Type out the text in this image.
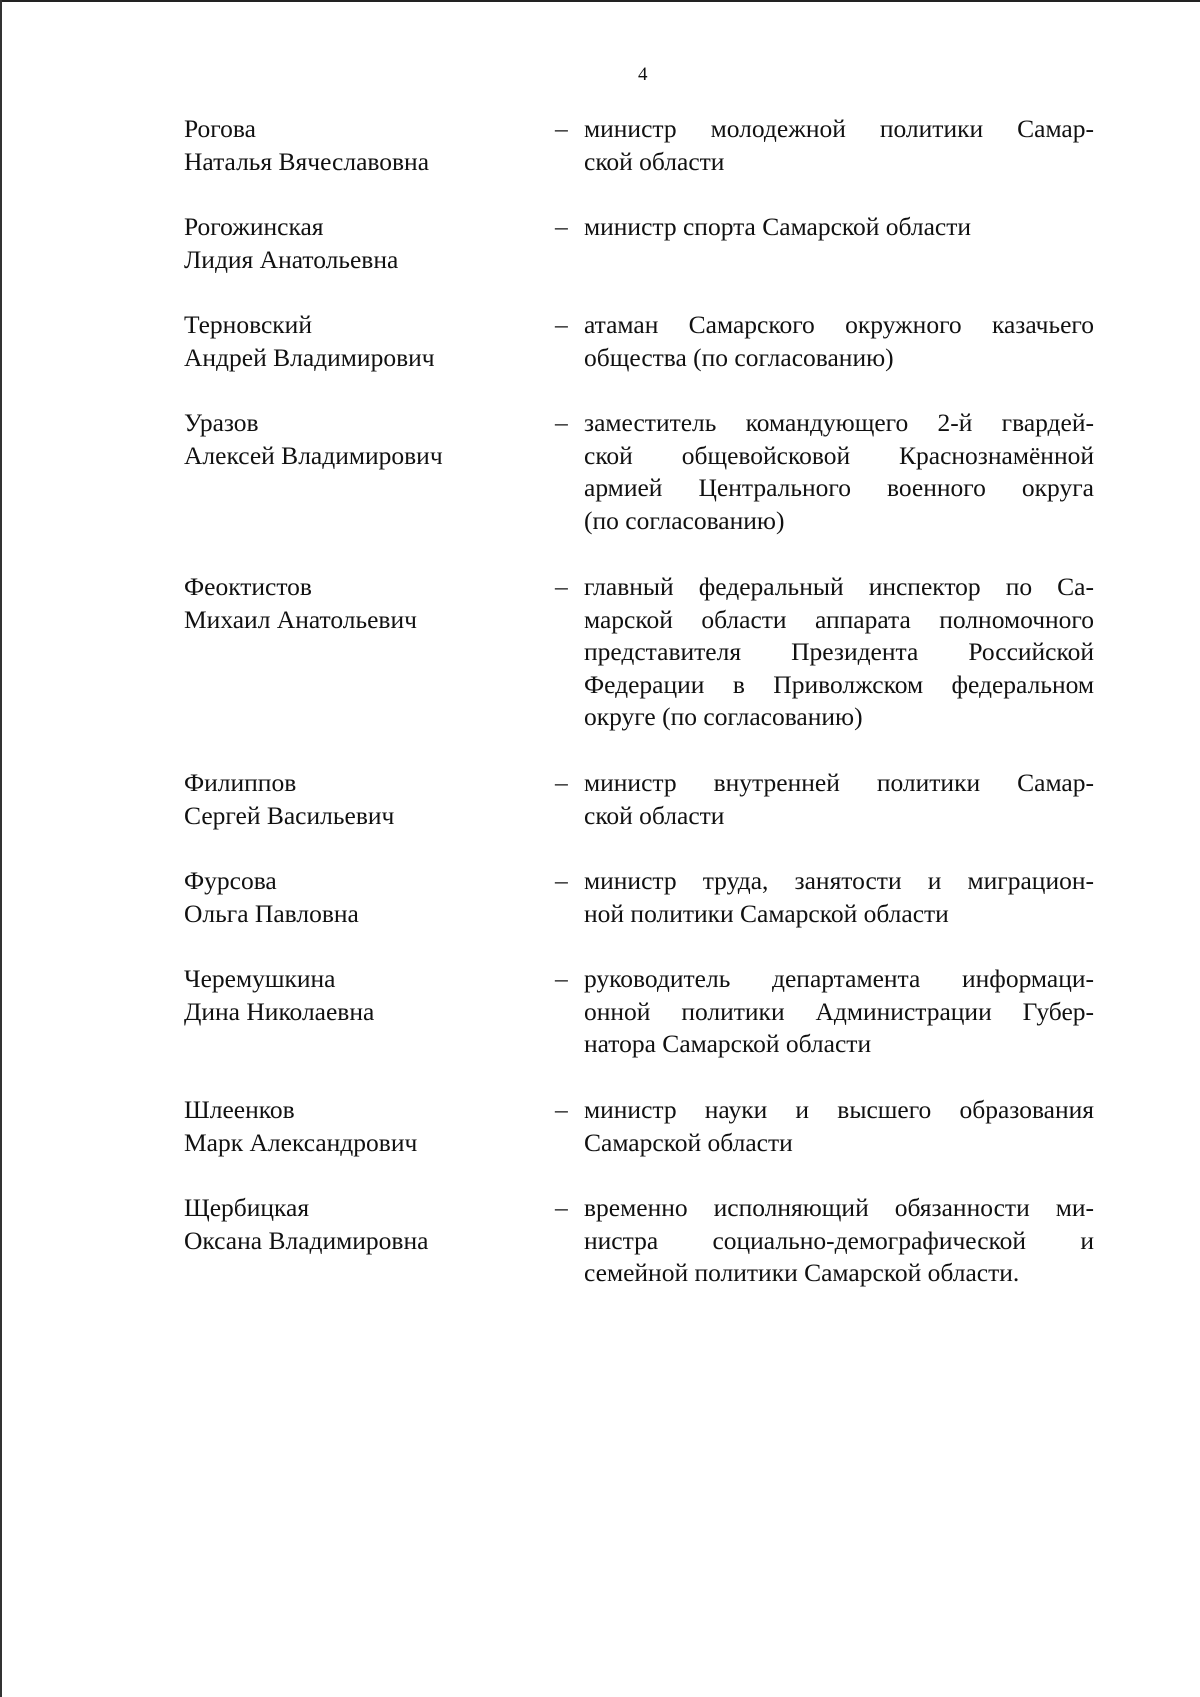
4
Рогова
Наталья Вячеславовна
– министр молодежной политики Самар-
ской области
Рогожинская
Лидия Анатольевна
– министр спорта Самарской области
Терновский
Андрей Владимирович
– атаман Самарского окружного казачьего
общества (по согласованию)
Уразов
Алексей Владимирович
– заместитель командующего 2-й гвардей-
ской общевойсковой Краснознамённой
армией Центрального военного округа
(по согласованию)
Феоктистов
Михаил Анатольевич
– главный федеральный инспектор по Са-
марской области аппарата полномочного
представителя Президента Российской
Федерации в Приволжском федеральном
округе (по согласованию)
Филиппов
Сергей Васильевич
– министр внутренней политики Самар-
ской области
Фурсова
Ольга Павловна
– министр труда, занятости и миграцион-
ной политики Самарской области
Черемушкина
Дина Николаевна
– руководитель департамента информаци-
онной политики Администрации Губер-
натора Самарской области
Шлеенков
Марк Александрович
– министр науки и высшего образования
Самарской области
Щербицкая
Оксана Владимировна
– временно исполняющий обязанности ми-
нистра социально-демографической и
семейной политики Самарской области.
